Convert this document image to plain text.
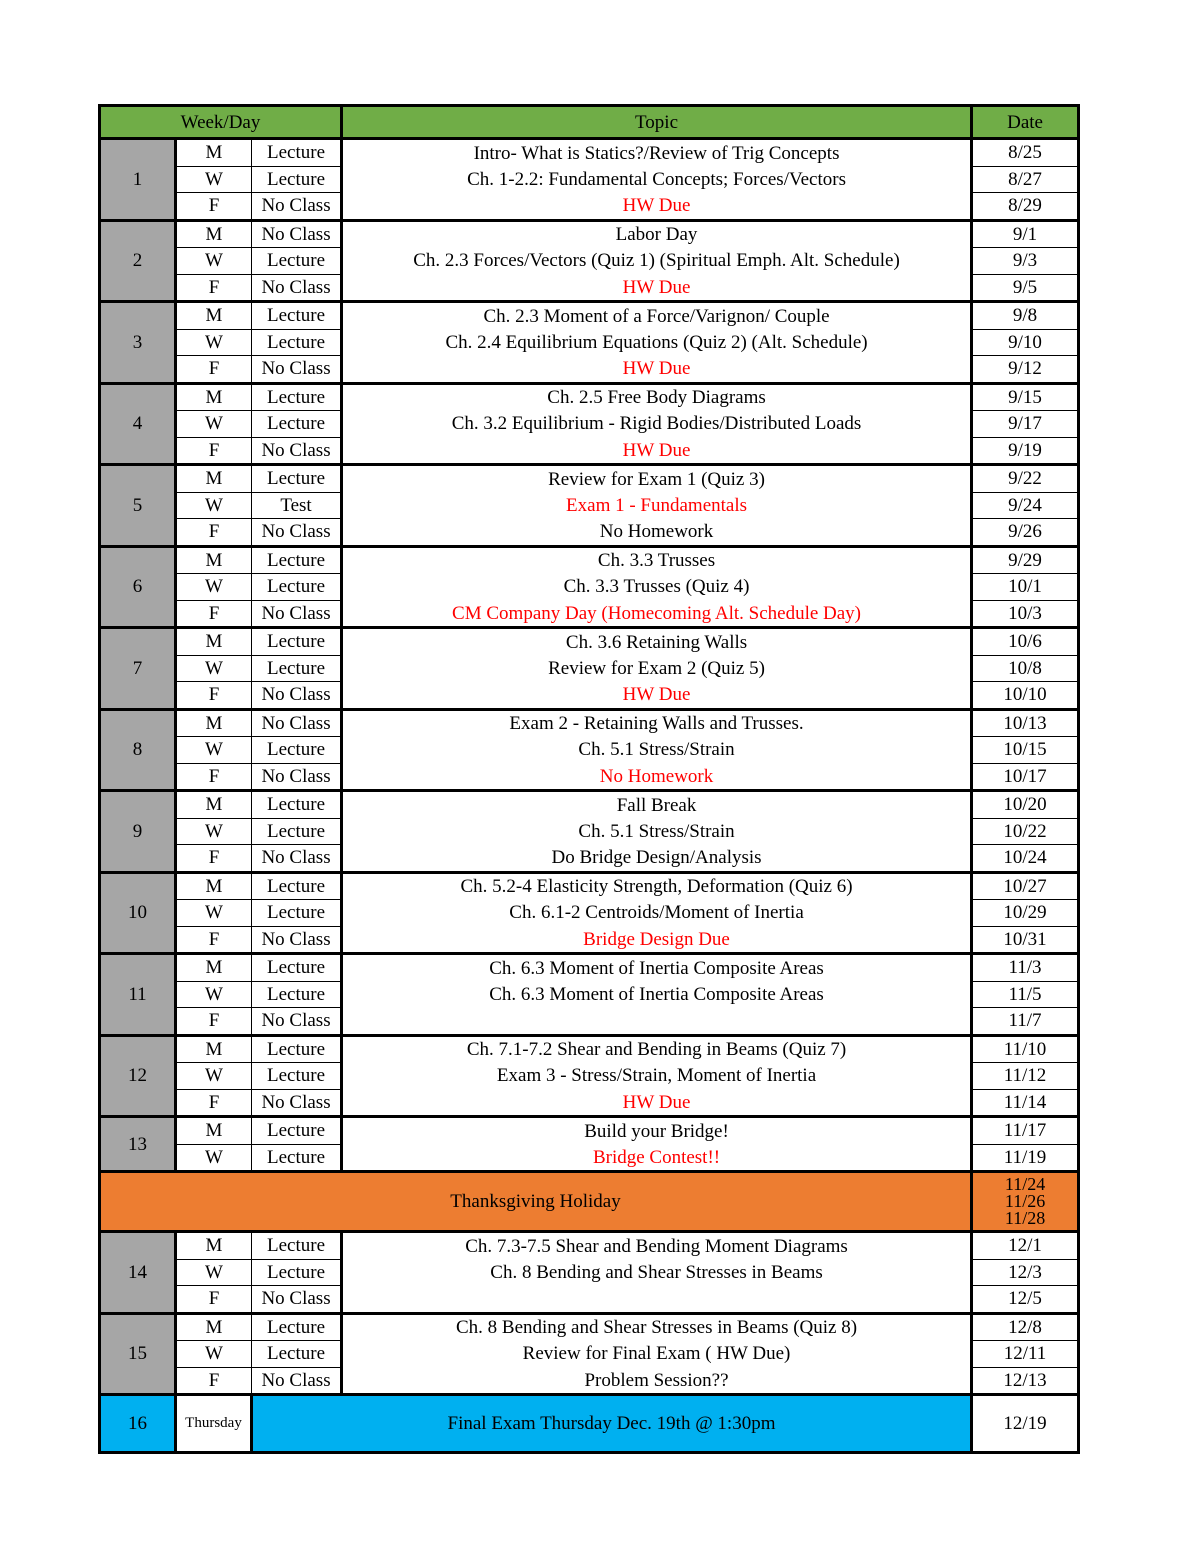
Week/Day			Topic	Date
1	M	Lecture	Intro- What is Statics?/Review of Trig Concepts	8/25
	W	Lecture	Ch. 1-2.2: Fundamental Concepts; Forces/Vectors	8/27
	F	No Class	HW Due	8/29
2	M	No Class	Labor Day	9/1
	W	Lecture	Ch. 2.3 Forces/Vectors (Quiz 1) (Spiritual Emph. Alt. Schedule)	9/3
	F	No Class	HW Due	9/5
3	M	Lecture	Ch. 2.3 Moment of a Force/Varignon/ Couple	9/8
	W	Lecture	Ch. 2.4 Equilibrium Equations (Quiz 2) (Alt. Schedule)	9/10
	F	No Class	HW Due	9/12
4	M	Lecture	Ch. 2.5 Free Body Diagrams	9/15
	W	Lecture	Ch. 3.2 Equilibrium - Rigid Bodies/Distributed Loads	9/17
	F	No Class	HW Due	9/19
5	M	Lecture	Review for Exam 1 (Quiz 3)	9/22
	W	Test	Exam 1 - Fundamentals	9/24
	F	No Class	No Homework	9/26
6	M	Lecture	Ch. 3.3 Trusses	9/29
	W	Lecture	Ch. 3.3 Trusses (Quiz 4)	10/1
	F	No Class	CM Company Day (Homecoming Alt. Schedule Day)	10/3
7	M	Lecture	Ch. 3.6 Retaining Walls	10/6
	W	Lecture	Review for Exam 2 (Quiz 5)	10/8
	F	No Class	HW Due	10/10
8	M	No Class	Exam 2 - Retaining Walls and Trusses.	10/13
	W	Lecture	Ch. 5.1 Stress/Strain	10/15
	F	No Class	No Homework	10/17
9	M	Lecture	Fall Break	10/20
	W	Lecture	Ch. 5.1 Stress/Strain	10/22
	F	No Class	Do Bridge Design/Analysis	10/24
10	M	Lecture	Ch. 5.2-4 Elasticity Strength, Deformation (Quiz 6)	10/27
	W	Lecture	Ch. 6.1-2 Centroids/Moment of Inertia	10/29
	F	No Class	Bridge Design Due	10/31
11	M	Lecture	Ch. 6.3 Moment of Inertia Composite Areas	11/3
	W	Lecture	Ch. 6.3 Moment of Inertia Composite Areas	11/5
	F	No Class		11/7
12	M	Lecture	Ch. 7.1-7.2 Shear and Bending in Beams (Quiz 7)	11/10
	W	Lecture	Exam 3 - Stress/Strain, Moment of Inertia	11/12
	F	No Class	HW Due	11/14
13	M	Lecture	Build your Bridge!	11/17
	W	Lecture	Bridge Contest!!	11/19
Thanksgiving Holiday				11/24
11/26
11/28

14	M	Lecture	Ch. 7.3-7.5 Shear and Bending Moment Diagrams	12/1
	W	Lecture	Ch. 8 Bending and Shear Stresses in Beams	12/3
	F	No Class		12/5
15	M	Lecture	Ch. 8 Bending and Shear Stresses in Beams (Quiz 8)	12/8
	W	Lecture	Review for Final Exam ( HW Due)	12/11
	F	No Class	Problem Session??	12/13
16	Thursday	Final Exam Thursday Dec. 19th @ 1:30pm		12/19
